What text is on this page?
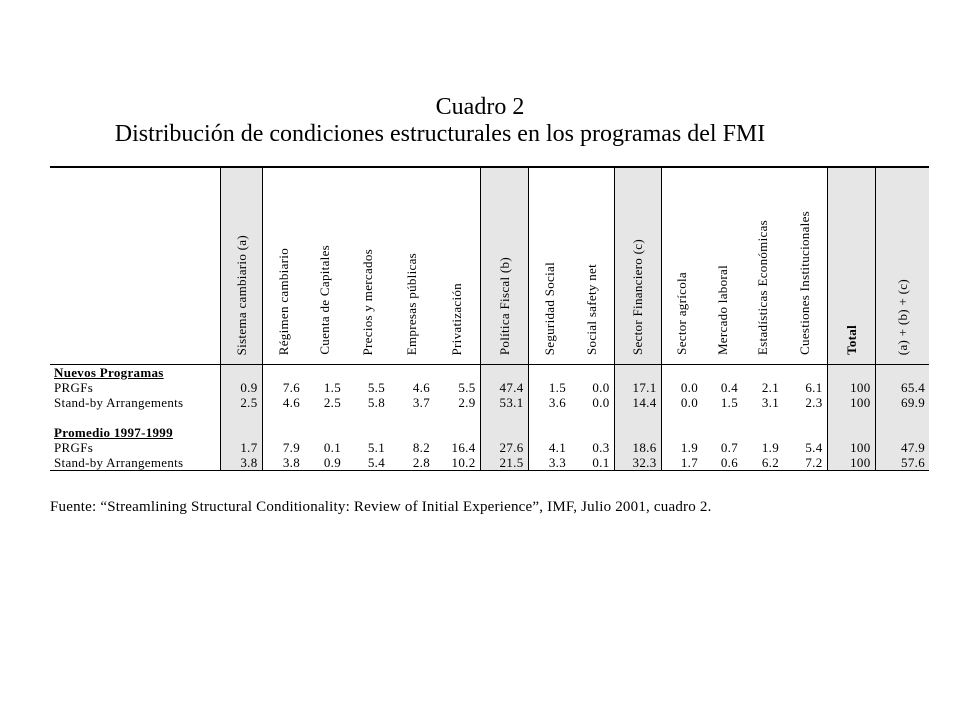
Cuadro 2
Distribución de condiciones estructurales en los programas del FMI
	Sistema cambiario (a)	Régimen cambiario	Cuenta de Capitales	Precios y mercados	Empresas públicas	Privatización	Política Fiscal (b)	Seguridad Social	Social safety net	Sector Financiero (c)	Sector agrícola	Mercado laboral	Estadísticas Económicas	Cuestiones Institucionales	Total	(a) + (b) + (c)
Nuevos Programas																
PRGFs	0.9	7.6	1.5	5.5	4.6	5.5	47.4	1.5	0.0	17.1	0.0	0.4	2.1	6.1	100	65.4
Stand-by Arrangements	2.5	4.6	2.5	5.8	3.7	2.9	53.1	3.6	0.0	14.4	0.0	1.5	3.1	2.3	100	69.9

Promedio 1997-1999																
PRGFs	1.7	7.9	0.1	5.1	8.2	16.4	27.6	4.1	0.3	18.6	1.9	0.7	1.9	5.4	100	47.9
Stand-by Arrangements	3.8	3.8	0.9	5.4	2.8	10.2	21.5	3.3	0.1	32.3	1.7	0.6	6.2	7.2	100	57.6
Fuente: “Streamlining Structural Conditionality: Review of Initial Experience”, IMF, Julio 2001, cuadro 2.
